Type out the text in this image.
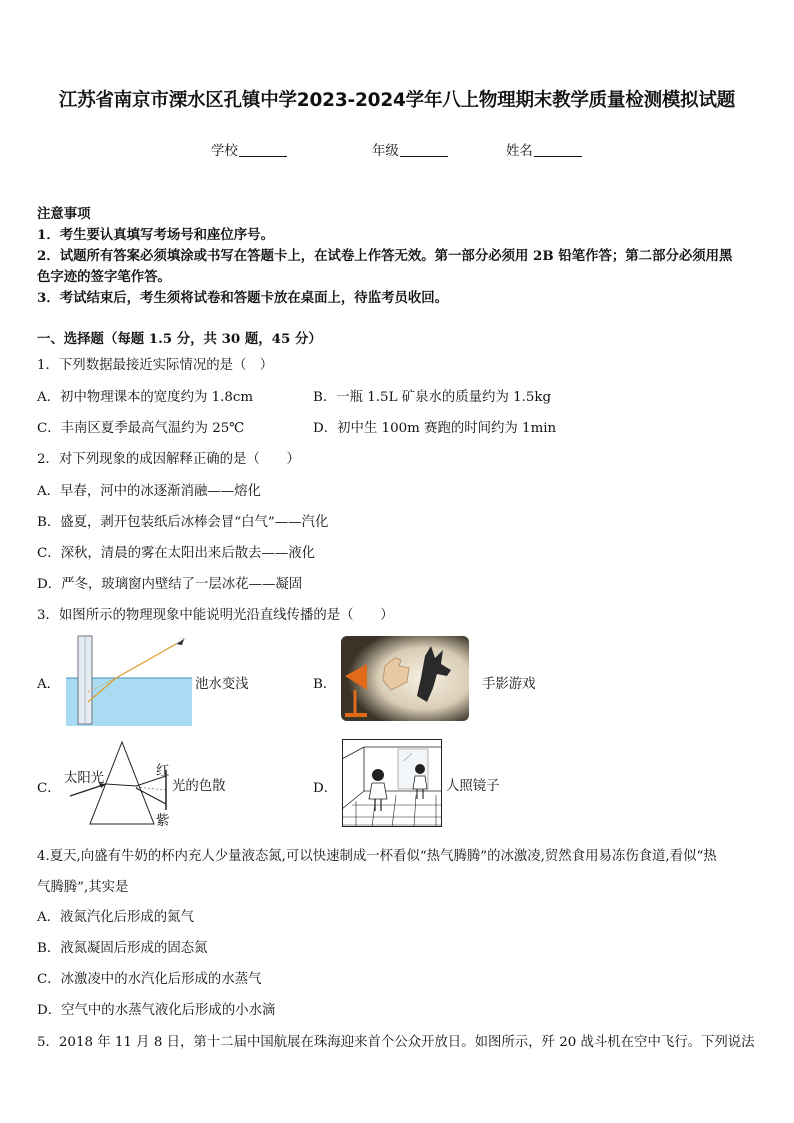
江苏省南京市溧水区孔镇中学2023-2024学年八上物理期末教学质量检测模拟试题
学校	年级	姓名
注意事项
1．考生要认真填写考场号和座位序号。
2．试题所有答案必须填涂或书写在答题卡上，在试卷上作答无效。第一部分必须用 2B 铅笔作答；第二部分必须用黑
色字迹的签字笔作答。
3．考试结束后，考生须将试卷和答题卡放在桌面上，待监考员收回。
一、选择题（每题 1.5 分，共 30 题，45 分）
1．下列数据最接近实际情况的是（　）
A．初中物理课本的宽度约为 1.8cm	B．一瓶 1.5L 矿泉水的质量约为 1.5kg
C．丰南区夏季最高气温约为 25℃	D．初中生 100m 赛跑的时间约为 1min
2．对下列现象的成因解释正确的是（　　）
A．早春，河中的冰逐渐消融——熔化
B．盛夏，剥开包装纸后冰棒会冒“白气”——汽化
C．深秋，清晨的雾在太阳出来后散去——液化
D．严冬，玻璃窗内壁结了一层冰花——凝固
3．如图所示的物理现象中能说明光沿直线传播的是（　　）
A．
☞
池水变浅	B．	手影游戏
C．
太阳光	红
紫
光的色散	D．	人照镜子
4.夏天,向盛有牛奶的杯内充人少量液态氮,可以快速制成一杯看似“热气腾腾”的冰激凌,贸然食用易冻伤食道,看似“热
气腾腾”,其实是
A．液氮汽化后形成的氮气
B．液氮凝固后形成的固态氮
C．冰激凌中的水汽化后形成的水蒸气
D．空气中的水蒸气液化后形成的小水滴
5．2018 年 11 月 8 日，第十二届中国航展在珠海迎来首个公众开放日。如图所示，歼 20 战斗机在空中飞行。下列说法
